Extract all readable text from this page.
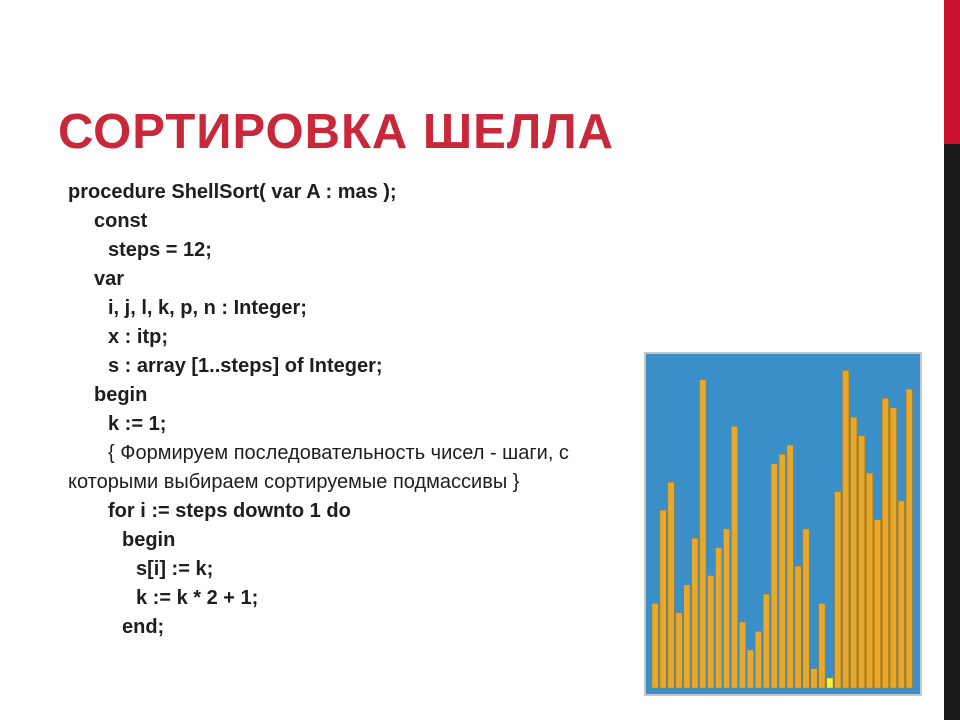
СОРТИРОВКА ШЕЛЛА
procedure ShellSort( var A : mas );
const
steps = 12;
var
i, j, l, k, p, n : Integer;
x : itp;
s : array [1..steps] of Integer;
begin
k := 1;
{ Формируем последовательность чисел - шаги, с которыми выбираем сортируемые подмассивы }
for i := steps downto 1 do
begin
s[i] := k;
k := k * 2 + 1;
end;
